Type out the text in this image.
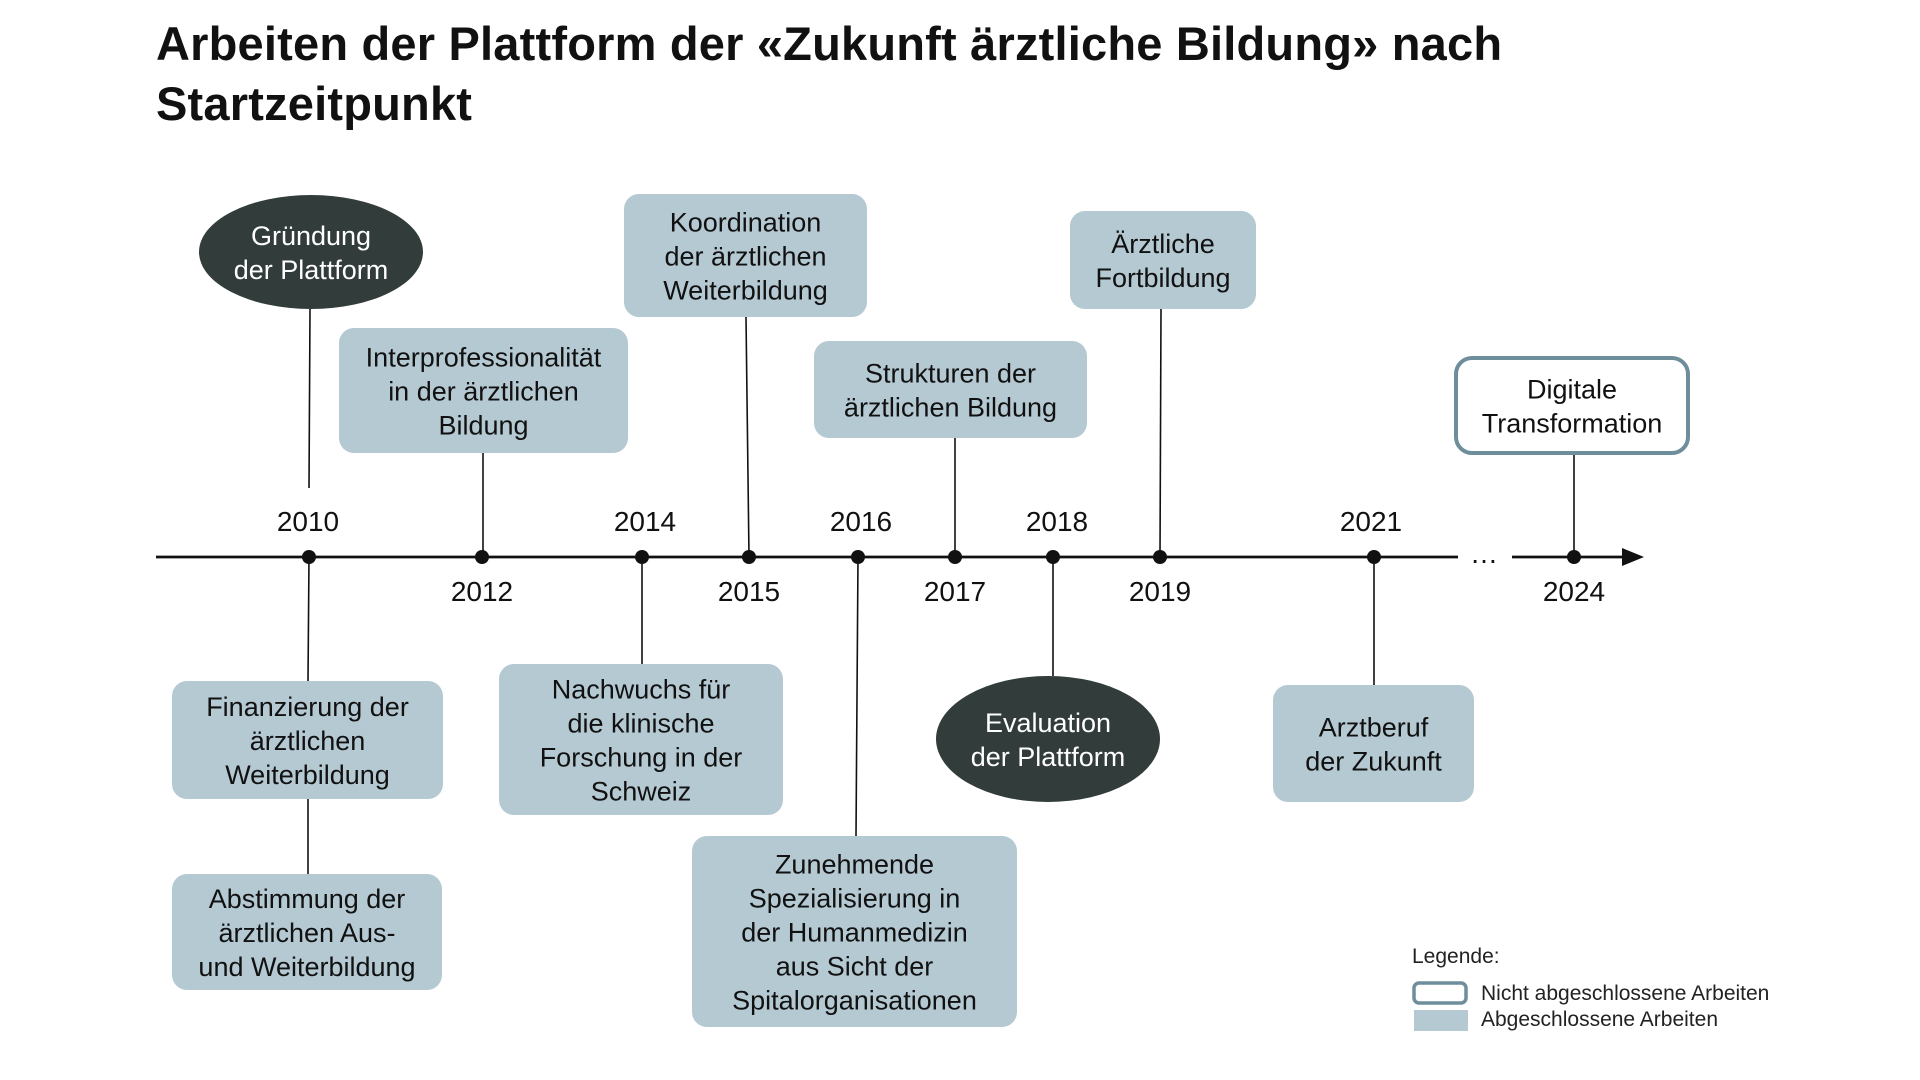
Arbeiten der Plattform der «Zukunft ärztliche Bildung» nach Startzeitpunkt
…
Gründung
der Plattform
Finanzierung der
ärztlichen
Weiterbildung
Abstimmung der
ärztlichen Aus-
und Weiterbildung
Interprofessionalität
in der ärztlichen
Bildung
Nachwuchs für
die klinische
Forschung in der
Schweiz
Koordination
der ärztlichen
Weiterbildung
Zunehmende
Spezialisierung in
der Humanmedizin
aus Sicht der
Spitalorganisationen
Strukturen der
ärztlichen Bildung
Evaluation
der Plattform
Ärztliche
Fortbildung
Arztberuf
der Zukunft
Digitale
Transformation
2010
2012
2014
2015
2016
2017
2018
2019
2021
2024
Legende:
Nicht abgeschlossene Arbeiten
Abgeschlossene Arbeiten
